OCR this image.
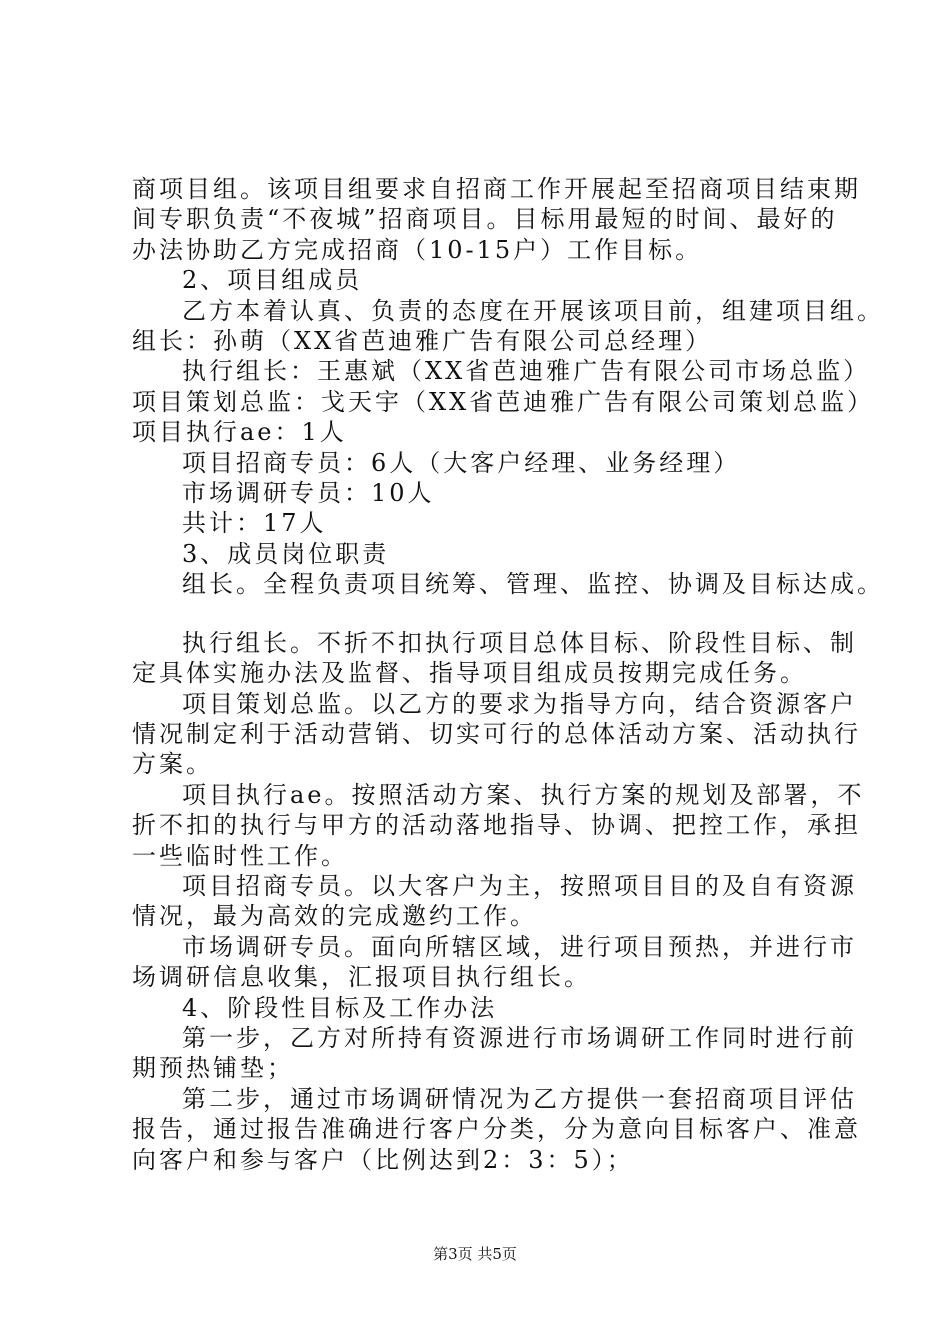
商项目组。该项目组要求自招商工作开展起至招商项目结束期
间专职负责“不夜城”招商项目。目标用最短的时间、最好的
办法协助乙方完成招商（10-15户）工作目标。
2、项目组成员
乙方本着认真、负责的态度在开展该项目前，组建项目组。
组长：孙萌（XX省芭迪雅广告有限公司总经理）
执行组长：王惠斌（XX省芭迪雅广告有限公司市场总监）
项目策划总监：戈天宇（XX省芭迪雅广告有限公司策划总监）
项目执行ae：1人
项目招商专员：6人（大客户经理、业务经理）
市场调研专员：10人
共计：17人
3、成员岗位职责
组长。全程负责项目统筹、管理、监控、协调及目标达成。
执行组长。不折不扣执行项目总体目标、阶段性目标、制
定具体实施办法及监督、指导项目组成员按期完成任务。
项目策划总监。以乙方的要求为指导方向，结合资源客户
情况制定利于活动营销、切实可行的总体活动方案、活动执行
方案。
项目执行ae。按照活动方案、执行方案的规划及部署，不
折不扣的执行与甲方的活动落地指导、协调、把控工作，承担
一些临时性工作。
项目招商专员。以大客户为主，按照项目目的及自有资源
情况，最为高效的完成邀约工作。
市场调研专员。面向所辖区域，进行项目预热，并进行市
场调研信息收集，汇报项目执行组长。
4、阶段性目标及工作办法
第一步，乙方对所持有资源进行市场调研工作同时进行前
期预热铺垫；
第二步，通过市场调研情况为乙方提供一套招商项目评估
报告，通过报告准确进行客户分类，分为意向目标客户、准意
向客户和参与客户（比例达到2：3：5）；
第3页 共5页
